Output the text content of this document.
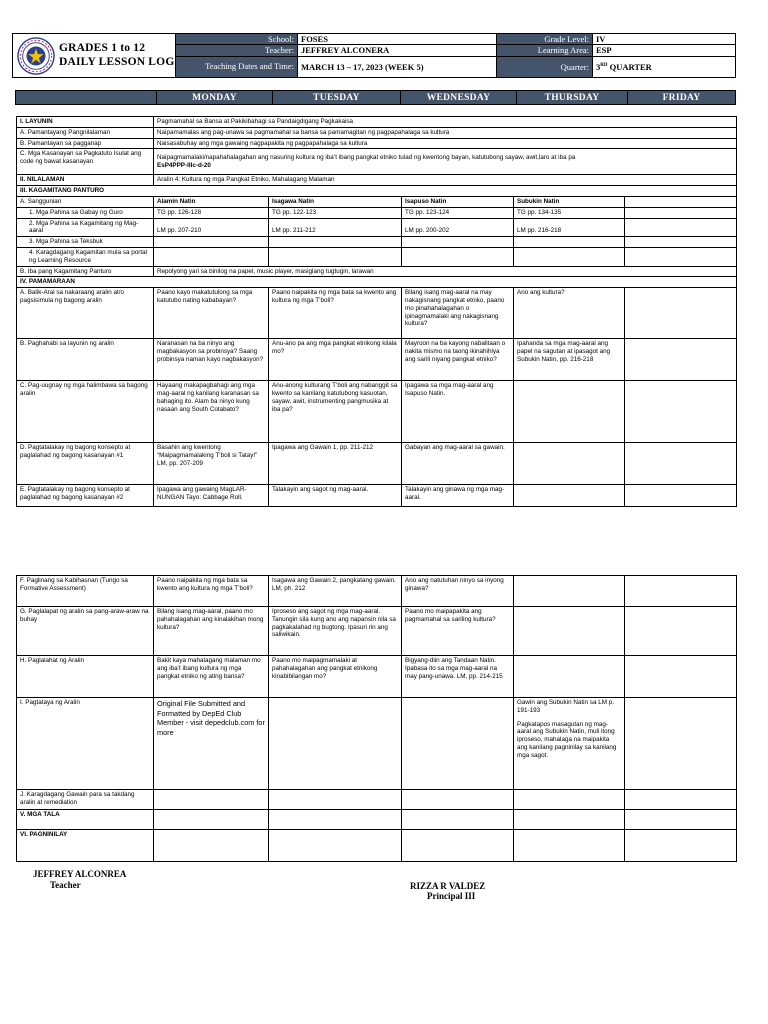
GRADES 1 to 12
DAILY LESSON LOG
School:	FOSES	Grade Level:	IV
Teacher:	JEFFREY ALCONERA	Learning Area:	ESP
Teaching Dates and Time:	MARCH 13 – 17, 2023 (WEEK 5)	Quarter:	3RD QUARTER
	MONDAY	TUESDAY	WEDNESDAY	THURSDAY	FRIDAY
I. LAYUNIN	Pagmamahal sa Bansa at Pakikibahagi sa Pandaigdigang Pagkakaisa				
A. Pamantayang Pangnilalaman	Naipamamalas ang pag-unawa sa pagmamahal sa bansa sa pamamagitan ng pagpapahalaga sa kultura				
B. Pamantayan sa pagganap	Naisasabuhay ang mga gawaing nagpapakita ng pagpapahalaga sa kultura				
C. Mga Kasanayan sa Pagkatuto Isulat ang code ng bawat kasanayan	Naipagmamalaki/napahahalagahan ang nasuring kultura ng iba’t ibang pangkat etniko tulad ng kwentong bayan, katutubong sayaw, awit,laro at iba pa
EsP4PPP-IIIc-d-20				

II. NILALAMAN	Aralin 4: Kultura ng mga Pangkat Etniko, Mahalagang Malaman				
III. KAGAMITANG PANTURO					
A. Sanggunian	Alamin Natin	Isagawa Natin	Isapuso Natin	Subukin Natin	
1. Mga Pahina sa Gabay ng Guro	TG pp. 126-128	TG pp. 122-123	TG pp. 123-124	TG pp. 134-135	
2. Mga Pahina sa Kagamitang ng Mag-aaral	LM pp. 207-210	LM pp. 211-212	LM pp. 200-202	LM pp. 216-218	
3. Mga Pahina sa Teksbuk					
4. Karagdagang Kagamitan mula sa portal ng Learning Resource					
B. Iba pang Kagamitang Panturo	Repolyong yari sa binilog na papel, music player, masiglang tugtugin, larawan				
IV. PAMAMARAAN					
A. Balik-Aral sa nakaraang aralin at/o pagsisimula ng bagong aralin	Paano kayo makatutulong sa mga katutubo nating kababayan?	Paano naipakita ng mga bata sa kwento ang kultura ng mga T’boli?	Bilang isang mag-aaral na may nakagisnang pangkat etniko, paano mo pinahahalagahan o ipinagmamalaki ang nakagisnang kultura?	Ano ang kultura?	
B. Paghahabi sa layunin ng aralin	Naranasan na ba ninyo ang magbakasyon sa probinsya? Saang probinsya naman kayo nagbakasyon?	Anu-ano pa ang mga pangkat etnikong kilala mo?	Mayroon na ba kayong nabalitaan o nakita mismo na taong ikinahihiya ang sarili niyang pangkat etniko?	Ipahanda sa mga mag-aaral ang papel na sagutan at ipasagot ang Subukin Natin, pp. 216-218	
C. Pag-uugnay ng mga halimbawa sa bagong aralin	Hayaang makapagbahagi ang mga mag-aaral ng kanilang karanasan sa bahaging ito. Alam ba ninyo kung nasaan ang South Cotabato?	Anu-anong kulturang T’boli ang nabanggit sa kwento sa kanilang katutubong kasuotan, sayaw, awit, instrumenting pangmusika at iba pa?	Ipagawa sa mga mag-aaral ang Isapuso Natin.		
D. Pagtatalakay ng bagong konsepto at paglalahad ng bagong kasanayan #1	Basahin ang kwentong “Maipagmamalaking T’boli si Tatay!” LM, pp. 207-209	Ipagawa ang Gawain 1, pp. 211-212	Gabayan ang mag-aaral sa gawain.		
E. Pagtatalakay ng bagong konsepto at paglalahad ng bagong kasanayan #2	Ipagawa ang gawaing MagLAR-NUNGAN Tayo: Cabbage Roll.	Talakayin ang sagot ng mag-aaral.	Talakayin ang ginawa ng mga mag-aaral.		
F. Paglinang sa Kabihasnan (Tungo sa Formative Assessment)	Paano naipakita ng mga bata sa kwento ang kultura ng mga T’boli?	Isagawa ang Gawain 2, pangkatang gawain. LM, ph. 212	Ano ang natutuhan ninyo sa inyong ginawa?		
G. Paglalapat ng aralin sa pang-araw-araw na buhay	Bilang isang mag-aaral, paano mo pahahalagahan ang kinalakihan mong kultura?	Iproseso ang sagot ng mga mag-aaral. Tanungin sila kung ano ang napansin nila sa pagkakalahad ng bugtong. Ipasuri rin ang saliwikain.	Paano mo maipapakita ang pagmamahal sa sariling kultura?		
H. Paglalahat ng Aralin	Bakit kaya mahalagang malaman mo ang iba’t ibang kultura ng mga pangkat etniko ng ating bansa?	Paano mo maipagmamalaki at pahahalagahan ang pangkat etnikong kinabibilangan mo?	Bigyang-diin ang Tandaan Natin. Ipabasa ito sa mga mag-aaral na may pang-unawa. LM, pp. 214-215		
I. Pagtataya ng Aralin	Original File Submitted and Formatted by DepEd Club Member - visit depedclub.com for more			Gawin ang Subukin Natin sa LM p. 191-193
Pagkatapos masagutan ng mag-aaral ang Subukin Natin, muli itong iproseso, mahalaga na maipakita ang kanilang pagninilay sa kanilang mga sagot.	

J. Karagdagang Gawain para sa takdang aralin at remediation					
V. MGA TALA					
VI. PAGNINILAY					
JEFFREY ALCONREA
Teacher	RIZZA R VALDEZ
Principal III
